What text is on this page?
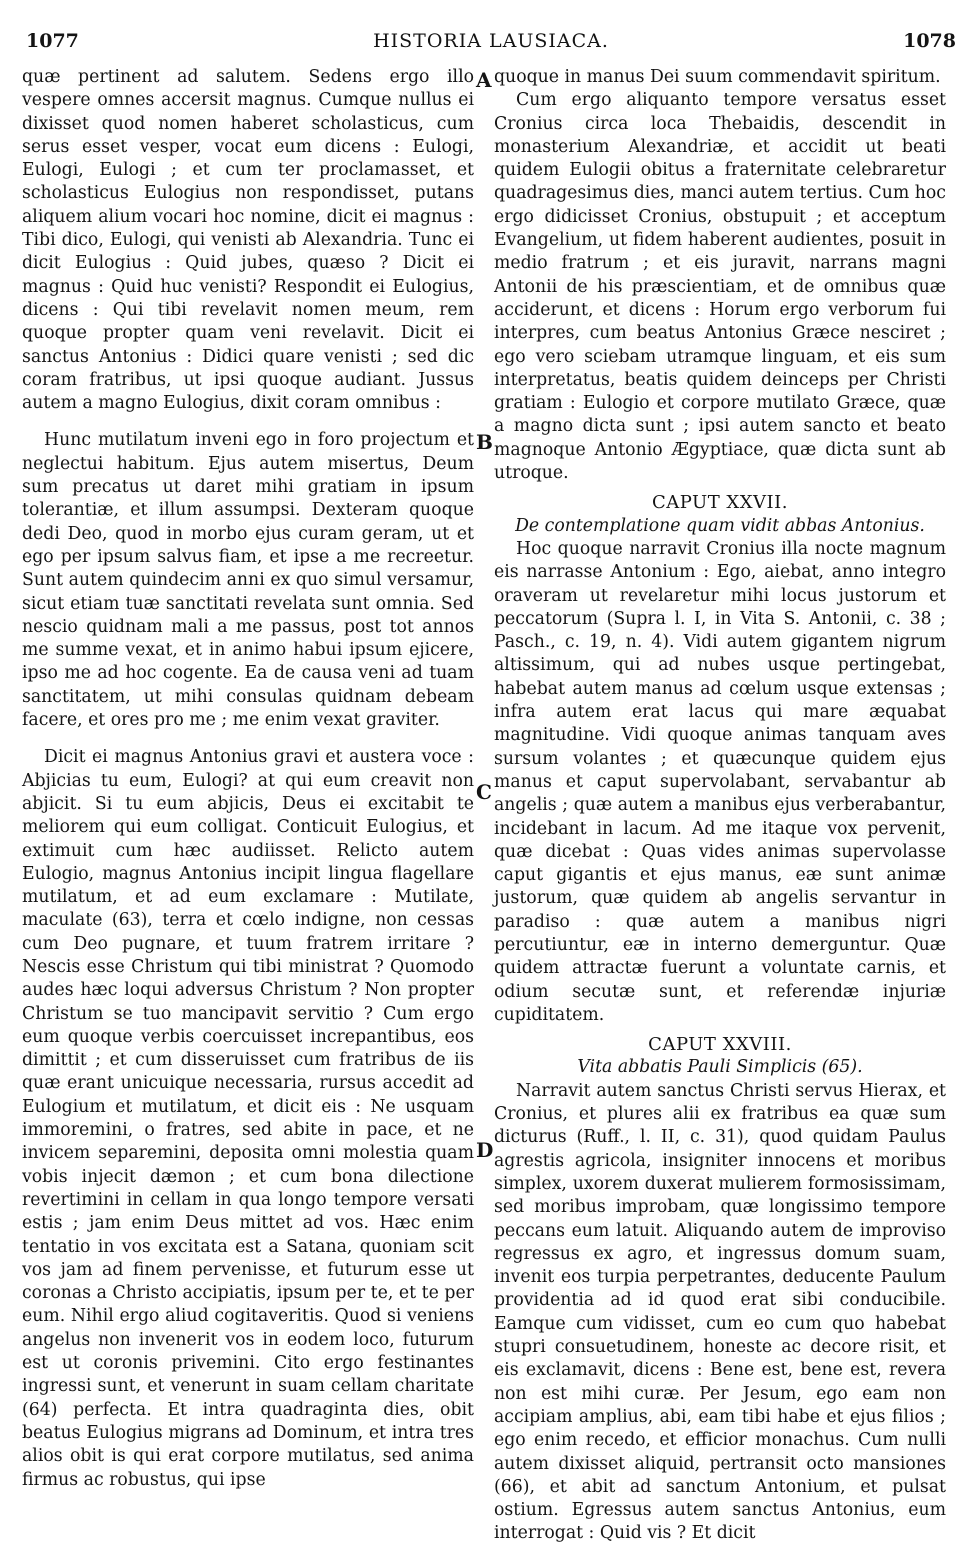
1077	HISTORIA LAUSIACA.	1078

quæ pertinent ad salutem. Sedens ergo illo vespere omnes accersit magnus. Cumque nullus ei dixisset quod nomen haberet scholasticus, cum serus esset vesper, vocat eum dicens : Eulogi, Eulogi, Eulogi ; et cum ter proclamasset, et scholasticus Eulogius non respondisset, putans aliquem alium vocari hoc nomine, dicit ei magnus : Tibi dico, Eulogi, qui venisti ab Alexandria. Tunc ei dicit Eulogius : Quid jubes, quæso ? Dicit ei magnus : Quid huc venisti? Respondit ei Eulogius, dicens : Qui tibi revelavit nomen meum, rem quoque propter quam veni revelavit. Dicit ei sanctus Antonius : Didici quare venisti ; sed dic coram fratribus, ut ipsi quoque audiant. Jussus autem a magno Eulogius, dixit coram omnibus :

Hunc mutilatum inveni ego in foro projectum et neglectui habitum. Ejus autem misertus, Deum sum precatus ut daret mihi gratiam in ipsum tolerantiæ, et illum assumpsi. Dexteram quoque dedi Deo, quod in morbo ejus curam geram, ut et ego per ipsum salvus fiam, et ipse a me recreetur. Sunt autem quindecim anni ex quo simul versamur, sicut etiam tuæ sanctitati revelata sunt omnia. Sed nescio quidnam mali a me passus, post tot annos me summe vexat, et in animo habui ipsum ejicere, ipso me ad hoc cogente. Ea de causa veni ad tuam sanctitatem, ut mihi consulas quidnam debeam facere, et ores pro me ; me enim vexat graviter.

Dicit ei magnus Antonius gravi et austera voce : Abjicias tu eum, Eulogi? at qui eum creavit non abjicit. Si tu eum abjicis, Deus ei excitabit te meliorem qui eum colligat. Conticuit Eulogius, et extimuit cum hæc audiisset. Relicto autem Eulogio, magnus Antonius incipit lingua flagellare mutilatum, et ad eum exclamare : Mutilate, maculate (63), terra et cœlo indigne, non cessas cum Deo pugnare, et tuum fratrem irritare ? Nescis esse Christum qui tibi ministrat ? Quomodo audes hæc loqui adversus Christum ? Non propter Christum se tuo mancipavit servitio ? Cum ergo eum quoque verbis coercuisset increpantibus, eos dimittit ; et cum disseruisset cum fratribus de iis quæ erant unicuique necessaria, rursus accedit ad Eulogium et mutilatum, et dicit eis : Ne usquam immoremini, o fratres, sed abite in pace, et ne invicem separemini, deposita omni molestia quam vobis injecit dæmon ; et cum bona dilectione revertimini in cellam in qua longo tempore versati estis ; jam enim Deus mittet ad vos. Hæc enim tentatio in vos excitata est a Satana, quoniam scit vos jam ad finem pervenisse, et futurum esse ut coronas a Christo accipiatis, ipsum per te, et te per eum. Nihil ergo aliud cogitaveritis. Quod si veniens angelus non invenerit vos in eodem loco, futurum est ut coronis privemini. Cito ergo festinantes ingressi sunt, et venerunt in suam cellam charitate (64) perfecta. Et intra quadraginta dies, obit beatus Eulogius migrans ad Dominum, et intra tres alios obit is qui erat corpore mutilatus, sed anima firmus ac robustus, qui ipse

quoque in manus Dei suum commendavit spiritum.

Cum ergo aliquanto tempore versatus esset Cronius circa loca Thebaidis, descendit in monasterium Alexandriæ, et accidit ut beati quidem Eulogii obitus a fraternitate celebraretur quadragesimus dies, manci autem tertius. Cum hoc ergo didicisset Cronius, obstupuit ; et acceptum Evangelium, ut fidem haberent audientes, posuit in medio fratrum ; et eis juravit, narrans magni Antonii de his præscientiam, et de omnibus quæ acciderunt, et dicens : Horum ergo verborum fui interpres, cum beatus Antonius Græce nesciret ; ego vero sciebam utramque linguam, et eis sum interpretatus, beatis quidem deinceps per Christi gratiam : Eulogio et corpore mutilato Græce, quæ a magno dicta sunt ; ipsi autem sancto et beato magnoque Antonio Ægyptiace, quæ dicta sunt ab utroque.

CAPUT XXVII.

De contemplatione quam vidit abbas Antonius.

Hoc quoque narravit Cronius illa nocte magnum eis narrasse Antonium : Ego, aiebat, anno integro oraveram ut revelaretur mihi locus justorum et peccatorum (Supra l. I, in Vita S. Antonii, c. 38 ; Pasch., c. 19, n. 4). Vidi autem gigantem nigrum altissimum, qui ad nubes usque pertingebat, habebat autem manus ad cœlum usque extensas ; infra autem erat lacus qui mare æquabat magnitudine. Vidi quoque animas tanquam aves sursum volantes ; et quæcunque quidem ejus manus et caput supervolabant, servabantur ab angelis ; quæ autem a manibus ejus verberabantur, incidebant in lacum. Ad me itaque vox pervenit, quæ dicebat : Quas vides animas supervolasse caput gigantis et ejus manus, eæ sunt animæ justorum, quæ quidem ab angelis servantur in paradiso : quæ autem a manibus nigri percutiuntur, eæ in interno demerguntur. Quæ quidem attractæ fuerunt a voluntate carnis, et odium secutæ sunt, et referendæ injuriæ cupiditatem.

CAPUT XXVIII.

Vita abbatis Pauli Simplicis (65).

Narravit autem sanctus Christi servus Hierax, et Cronius, et plures alii ex fratribus ea quæ sum dicturus (Ruff., l. II, c. 31), quod quidam Paulus agrestis agricola, insigniter innocens et moribus simplex, uxorem duxerat mulierem formosissimam, sed moribus improbam, quæ longissimo tempore peccans eum latuit. Aliquando autem de improviso regressus ex agro, et ingressus domum suam, invenit eos turpia perpetrantes, deducente Paulum providentia ad id quod erat sibi conducibile. Eamque cum vidisset, cum eo cum quo habebat stupri consuetudinem, honeste ac decore risit, et eis exclamavit, dicens : Bene est, bene est, revera non est mihi curæ. Per Jesum, ego eam non accipiam amplius, abi, eam tibi habe et ejus filios ; ego enim recedo, et efficior monachus. Cum nulli autem dixisset aliquid, pertransit octo mansiones (66), et abit ad sanctum Antonium, et pulsat ostium. Egressus autem sanctus Antonius, eum interrogat : Quid vis ? Et dicit

A
B
C
D
